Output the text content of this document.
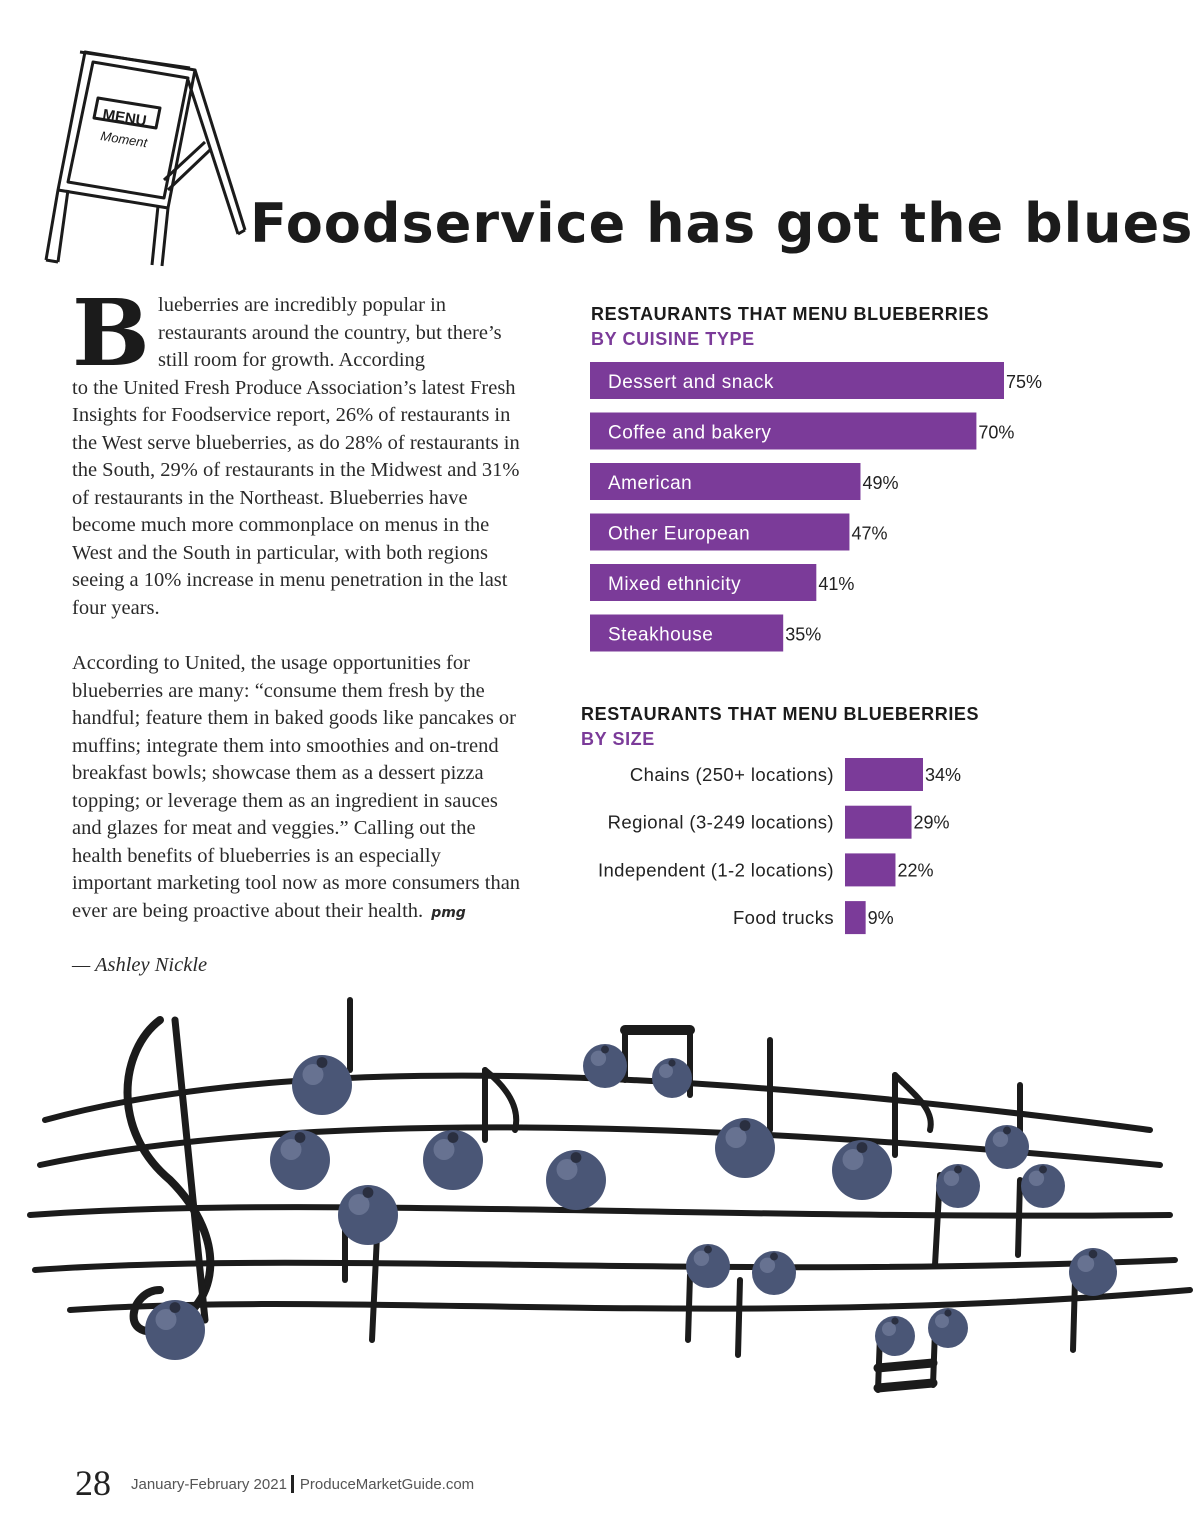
MENU
Moment
Foodservice has got the blues
B lueberries are incredibly popular in restaurants around the country, but there’s still room for growth. According
to the United Fresh Produce Association’s latest Fresh Insights for Foodservice report, 26% of restaurants in the West serve blueberries, as do 28% of restaurants in the South, 29% of restaurants in the Midwest and 31% of restaurants in the Northeast. Blueberries have become much more commonplace on menus in the West and the South in particular, with both regions seeing a 10% increase in menu penetration in the last four years.
According to United, the usage opportunities for blueberries are many: “consume them fresh by the handful; feature them in baked goods like pancakes or muffins; integrate them into smoothies and on-trend breakfast bowls; showcase them as a dessert pizza topping; or leverage them as an ingredient in sauces and glazes for meat and veggies.” Calling out the health benefits of blueberries is an especially important marketing tool now as more consumers than ever are being proactive about their health. pmg
— Ashley Nickle
RESTAURANTS THAT MENU BLUEBERRIES
BY CUISINE TYPE
Dessert and snack	75%
Coffee and bakery	70%
American	49%
Other European	47%
Mixed ethnicity	41%
Steakhouse	35%
RESTAURANTS THAT MENU BLUEBERRIES
BY SIZE
Chains (250+ locations)	34%
Regional (3-249 locations)	29%
Independent (1-2 locations)	22%
Food trucks 9%
28 January-February 2021 ProduceMarketGuide.com
